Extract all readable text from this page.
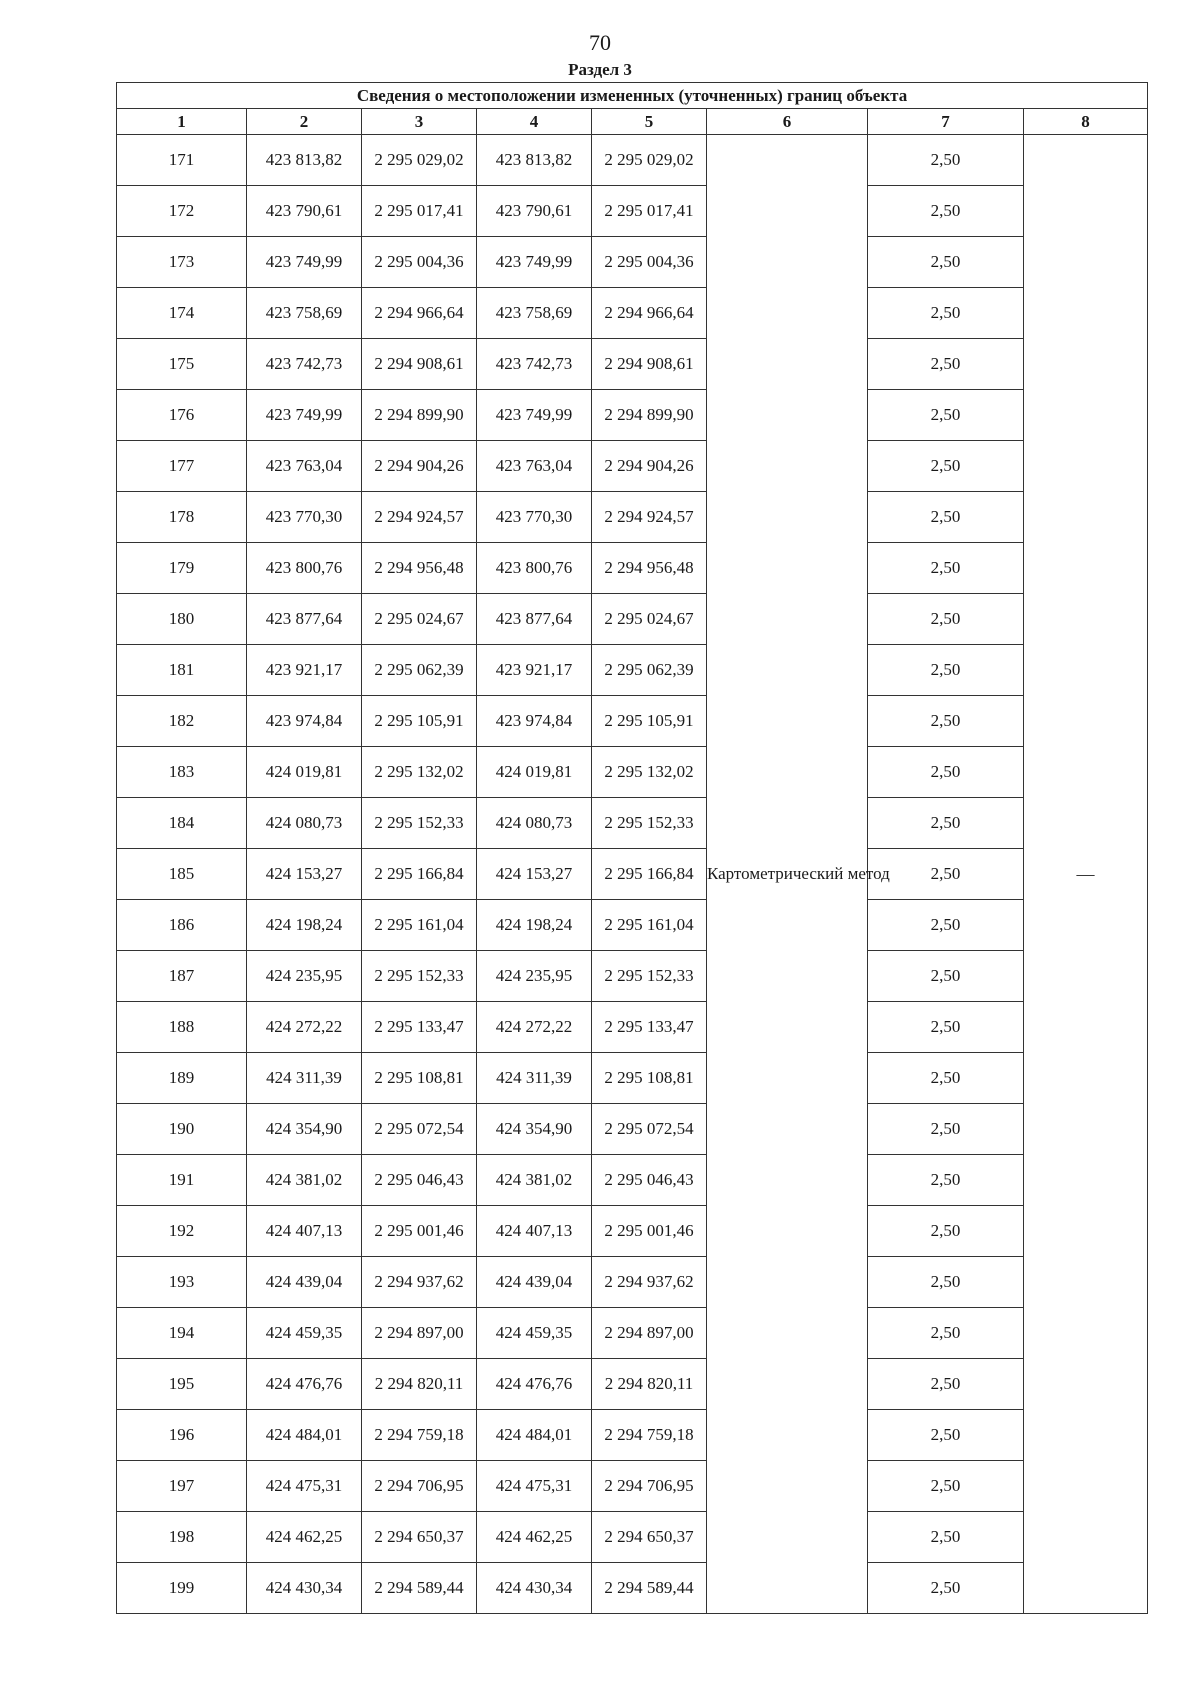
70
Раздел 3
Сведения о местоположении измененных (уточненных) границ объекта							
1	2	3	4	5	6	7	8
171	423 813,82	2 295 029,02	423 813,82	2 295 029,02	Картометрический метод	2,50	—
172	423 790,61	2 295 017,41	423 790,61	2 295 017,41		2,50	
173	423 749,99	2 295 004,36	423 749,99	2 295 004,36		2,50	
174	423 758,69	2 294 966,64	423 758,69	2 294 966,64		2,50	
175	423 742,73	2 294 908,61	423 742,73	2 294 908,61		2,50	
176	423 749,99	2 294 899,90	423 749,99	2 294 899,90		2,50	
177	423 763,04	2 294 904,26	423 763,04	2 294 904,26		2,50	
178	423 770,30	2 294 924,57	423 770,30	2 294 924,57		2,50	
179	423 800,76	2 294 956,48	423 800,76	2 294 956,48		2,50	
180	423 877,64	2 295 024,67	423 877,64	2 295 024,67		2,50	
181	423 921,17	2 295 062,39	423 921,17	2 295 062,39		2,50	
182	423 974,84	2 295 105,91	423 974,84	2 295 105,91		2,50	
183	424 019,81	2 295 132,02	424 019,81	2 295 132,02		2,50	
184	424 080,73	2 295 152,33	424 080,73	2 295 152,33		2,50	
185	424 153,27	2 295 166,84	424 153,27	2 295 166,84		2,50	
186	424 198,24	2 295 161,04	424 198,24	2 295 161,04		2,50	
187	424 235,95	2 295 152,33	424 235,95	2 295 152,33		2,50	
188	424 272,22	2 295 133,47	424 272,22	2 295 133,47		2,50	
189	424 311,39	2 295 108,81	424 311,39	2 295 108,81		2,50	
190	424 354,90	2 295 072,54	424 354,90	2 295 072,54		2,50	
191	424 381,02	2 295 046,43	424 381,02	2 295 046,43		2,50	
192	424 407,13	2 295 001,46	424 407,13	2 295 001,46		2,50	
193	424 439,04	2 294 937,62	424 439,04	2 294 937,62		2,50	
194	424 459,35	2 294 897,00	424 459,35	2 294 897,00		2,50	
195	424 476,76	2 294 820,11	424 476,76	2 294 820,11		2,50	
196	424 484,01	2 294 759,18	424 484,01	2 294 759,18		2,50	
197	424 475,31	2 294 706,95	424 475,31	2 294 706,95		2,50	
198	424 462,25	2 294 650,37	424 462,25	2 294 650,37		2,50	
199	424 430,34	2 294 589,44	424 430,34	2 294 589,44		2,50	
